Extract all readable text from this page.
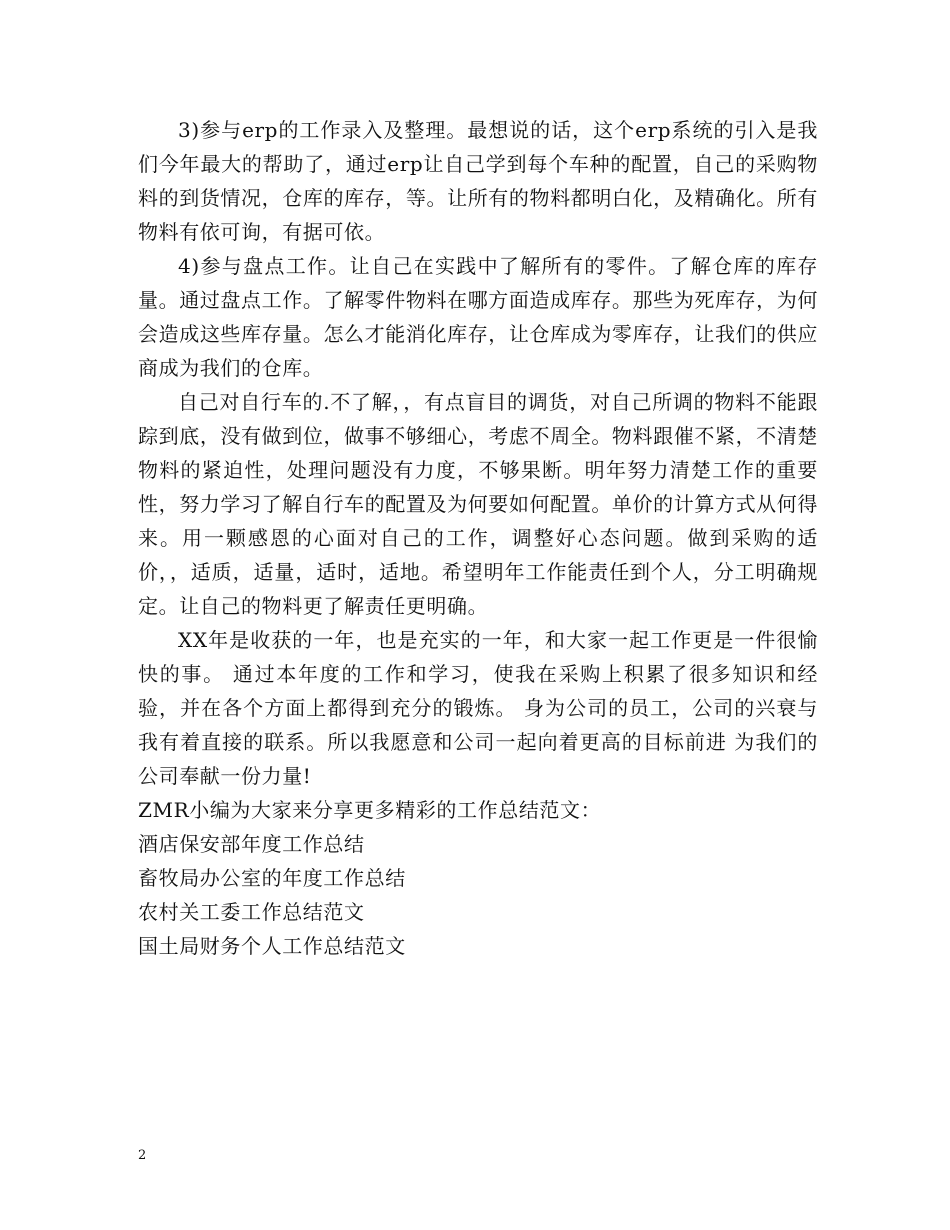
3)参与erp的工作录入及整理。最想说的话，这个erp系统的引入是我们今年最大的帮助了，通过erp让自己学到每个车种的配置，自己的采购物料的到货情况，仓库的库存，等。让所有的物料都明白化，及精确化。所有物料有依可询，有据可依。

4)参与盘点工作。让自己在实践中了解所有的零件。了解仓库的库存量。通过盘点工作。了解零件物料在哪方面造成库存。那些为死库存，为何会造成这些库存量。怎么才能消化库存，让仓库成为零库存，让我们的供应商成为我们的仓库。

自己对自行车的.不了解，，有点盲目的调货，对自己所调的物料不能跟踪到底，没有做到位，做事不够细心，考虑不周全。物料跟催不紧，不清楚物料的紧迫性，处理问题没有力度，不够果断。明年努力清楚工作的重要性，努力学习了解自行车的配置及为何要如何配置。单价的计算方式从何得来。用一颗感恩的心面对自己的工作，调整好心态问题。做到采购的适价，，适质，适量，适时，适地。希望明年工作能责任到个人，分工明确规定。让自己的物料更了解责任更明确。

XX年是收获的一年，也是充实的一年，和大家一起工作更是一件很愉快的事。 通过本年度的工作和学习，使我在采购上积累了很多知识和经验，并在各个方面上都得到充分的锻炼。 身为公司的员工，公司的兴衰与我有着直接的联系。所以我愿意和公司一起向着更高的目标前进 为我们的公司奉献一份力量!

ZMR小编为大家来分享更多精彩的工作总结范文：

酒店保安部年度工作总结

畜牧局办公室的年度工作总结

农村关工委工作总结范文

国土局财务个人工作总结范文

2
